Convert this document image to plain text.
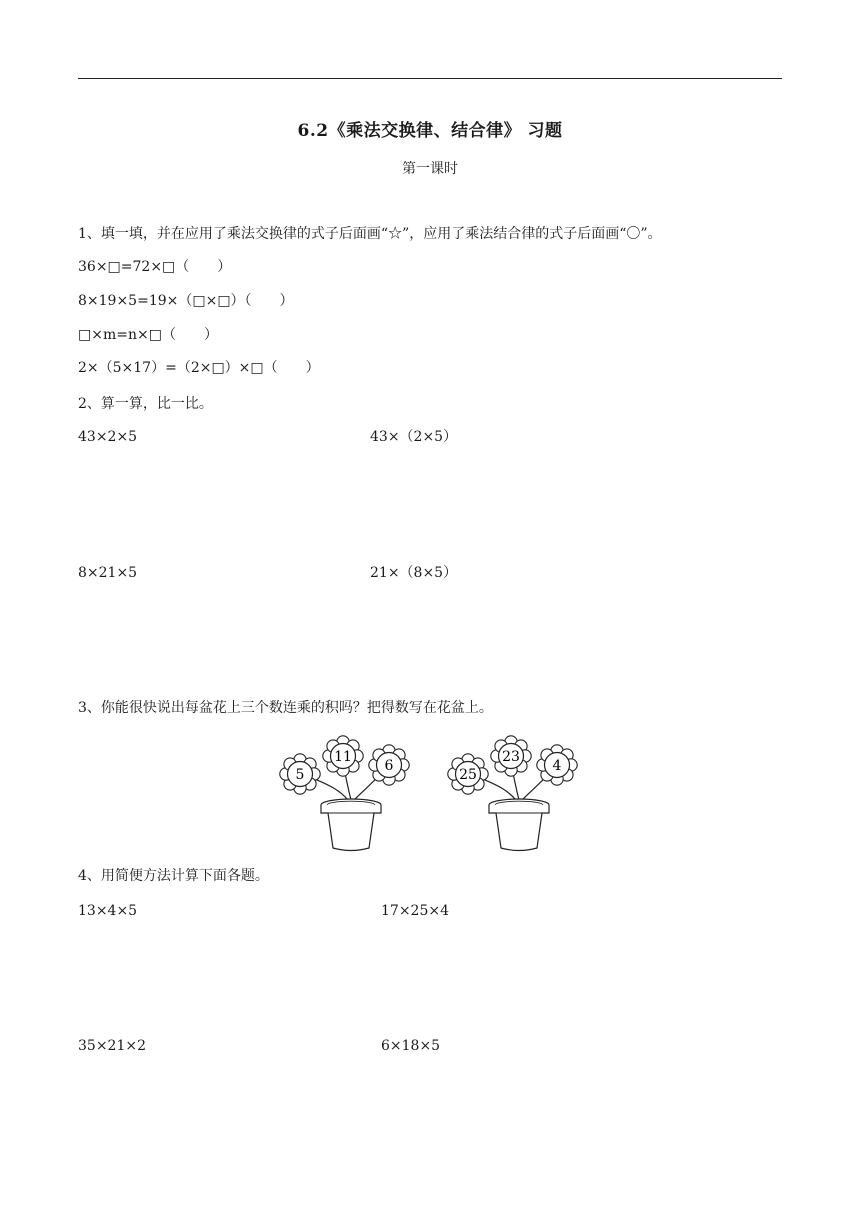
6.2《乘法交换律、结合律》 习题
第一课时
1、填一填，并在应用了乘法交换律的式子后面画“☆”，应用了乘法结合律的式子后面画“〇”。
36×□=72×□（　　）
8×19×5=19×（□×□）（　　）
□×m=n×□（　　）
2×（5×17）=（2×□）×□（　　）
2、算一算，比一比。
43×2×5	43×（2×5）
8×21×5	21×（8×5）
3、你能很快说出每盆花上三个数连乘的积吗？把得数写在花盆上。
5
11
6
25
23
4
4、用简便方法计算下面各题。
13×4×5	17×25×4
35×21×2	6×18×5
